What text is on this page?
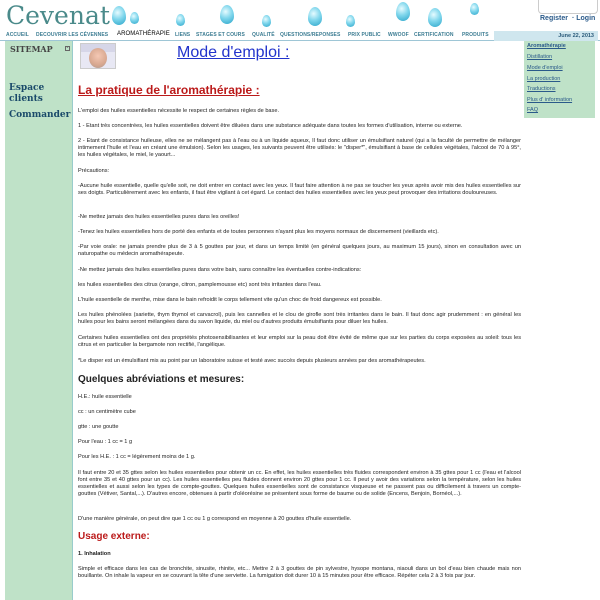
Cevenat	Register · Login
ACCUEIL DECOUVRIR LES CÉVENNES AROMATHÉRAPIE LIENS STAGES ET COURS QUALITÉ QUESTIONS/REPONSES PRIX PUBLIC WWOOF CERTIFICATION PRODUITS	June 22, 2013
SITEMAP	-
Espace clients
Commander
Aromathérapie
Distillation
Mode d'emploi
La production
Traductions
Plus d' information
FAQ
Mode d'emploi :
La pratique de l'aromathérapie :
L'emploi des huiles essentielles nécessite le respect de certaines règles de base.
1 - Etant très concentrées, les huiles essentielles doivent être diluées dans une substance adéquate dans toutes les formes d'utilisation, interne ou externe.
2 - Etant de consistance huileuse, elles ne se mélangent pas à l'eau ou à un liquide aqueux, Il faut donc utiliser un émulsifiant naturel (qui a la faculté de permettre de mélanger intimement l'huile et l'eau en créant une émulsion). Selon les usages, les suivants peuvent être utilisés: le "disper*", émulsifiant à base de cellules végétales, l'alcool de 70 à 95°, les huiles végétales, le miel, le yaourt...
Précautions:
-Aucune huile essentielle, quelle qu'elle soit, ne doit entrer en contact avec les yeux. Il faut faire attention à ne pas se toucher les yeux après avoir mis des huiles essentielles sur ses doigts. Particulièrement avec les enfants, il faut être vigilant à cet égard. Le contact des huiles essentielles avec les yeux peut provoquer des irritations douloureuses.
-Ne mettez jamais des huiles essentielles pures dans les oreilles!
-Tenez les huiles essentielles hors de porté des enfants et de toutes personnes n'ayant plus les moyens normaux de discernement (vieillards etc).
-Par voie orale: ne jamais prendre plus de 3 à 5 gouttes par jour, et dans un temps limité (en général quelques jours, au maximum 15 jours), sinon en consultation avec un naturopathe ou médecin aromathérapeute.
-Ne mettez jamais des huiles essentielles pures dans votre bain, sans connaître les éventuelles contre-indications:
les huiles essentielles des citrus (orange, citron, pamplemousse etc) sont très irritantes dans l'eau.
L'huile essentielle de menthe, mise dans le bain refroidit le corps tellement vite qu'un choc de froid dangereux est possible.
Les huiles phénolées (sariette, thym thymol et carvacrol), puis les cannelles et le clou de girofle sont très irritantes dans le bain. Il faut donc agir prudemment : en général les huiles pour les bains seront mélangées dans du savon liquide, du miel ou d'autres produits émulsifiants pour diluer les huiles.
Certaines huiles essentielles ont des propriétés photosensibilisantes et leur emploi sur la peau doit être évité de même que sur les parties du corps exposées au soleil: tous les citrus et en particulier la bergamote non rectifié, l'angélique.
*Le disper est un émulsifiant mis au point par un laboratoire suisse et testé avec succès depuis plusieurs années par des aromathérapeutes.
Quelques abréviations et mesures:
H.E.: huile essentielle
cc : un centimètre cube
gtte : une goutte
Pour l'eau : 1 cc = 1 g
Pour les H.E. : 1 cc = légèrement moins de 1 g.
Il faut entre 20 et 35 gttes selon les huiles essentielles pour obtenir un cc. En effet, les huiles essentielles très fluides correspondent environ à 35 gttes pour 1 cc (l'eau et l'alcool font entre 35 et 40 gttes pour un cc). Les huiles essentielles peu fluides donnent environ 20 gttes pour 1 cc. Il peut y avoir des variations selon la température, selon les huiles essentielles et aussi selon les types de compte-gouttes. Quelques huiles essentielles sont de consistance visqueuse et ne passent pas ou difficilement à travers un compte-gouttes (Vétiver, Santal,...). D'autres encore, obtenues à partir d'oléorésine se présentent sous forme de baume ou de solide (Encens, Benjoin, Bornéol,...).
D'une manière générale, on peut dire que 1 cc ou 1 g correspond en moyenne à 20 gouttes d'huile essentielle.
Usage externe:
1. Inhalation
Simple et efficace dans les cas de bronchite, sinusite, rhinite, etc... Mettre 2 à 3 gouttes de pin sylvestre, hysope montana, niaouli dans un bol d'eau bien chaude mais non bouillante. On inhale la vapeur en se couvrant la tête d'une serviette. La fumigation doit durer 10 à 15 minutes pour être efficace. Répéter cela 2 à 3 fois par jour.
